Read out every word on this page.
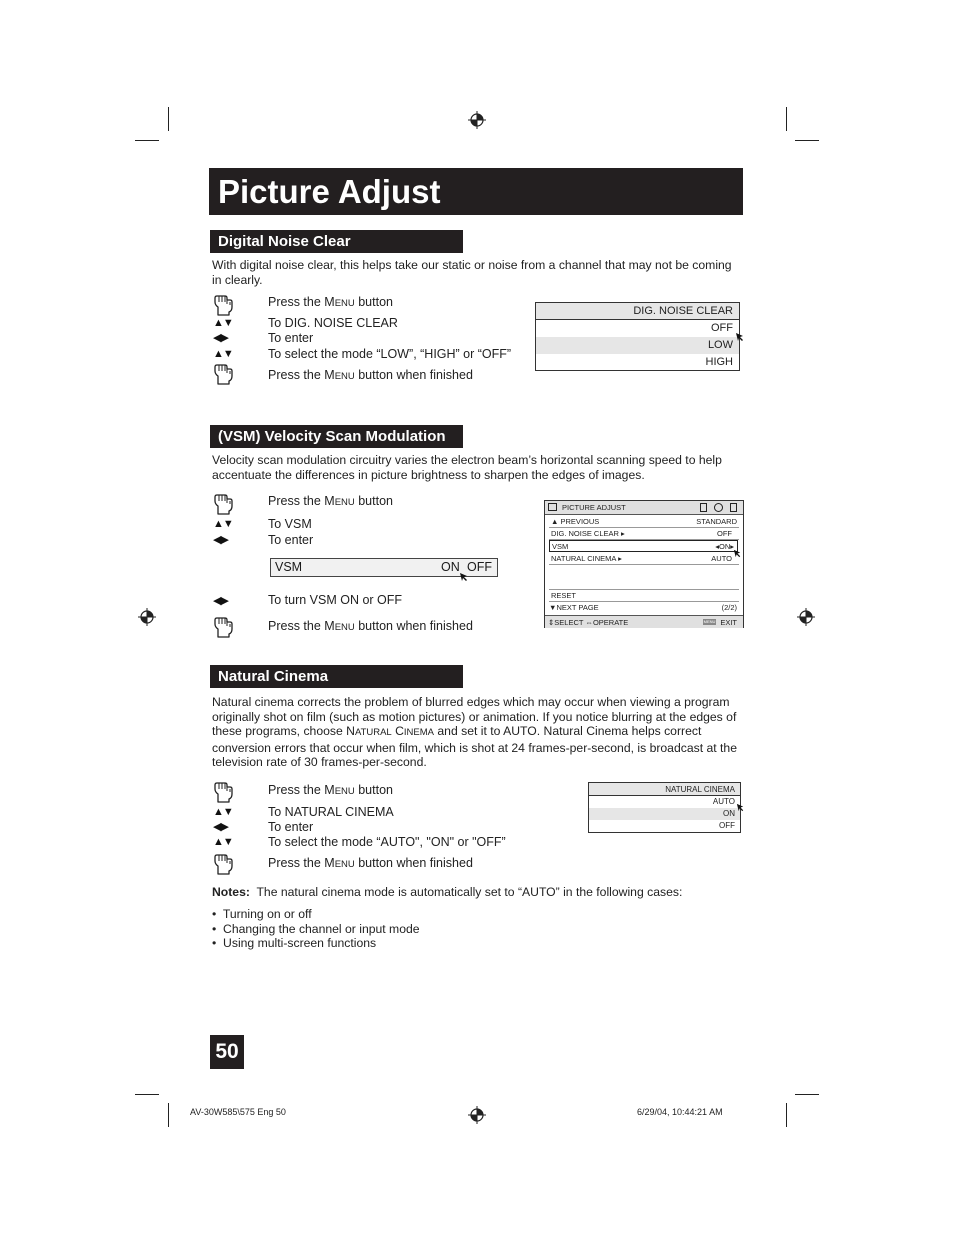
Picture Adjust
Digital Noise Clear
With digital noise clear, this helps take our static or noise from a channel that may not be coming in clearly.
Press the MENU button
▲▼	To DIG. NOISE CLEAR
◀▶	To enter
▲▼	To select the mode “LOW”, “HIGH” or “OFF”
Press the MENU button when finished
DIG. NOISE CLEAR
OFF
LOW
HIGH
(VSM) Velocity Scan Modulation
Velocity scan modulation circuitry varies the electron beam’s horizontal scanning speed to help accentuate the differences in picture brightness to sharpen the edges of images.
Press the MENU button
▲▼	To VSM
◀▶	To enter
VSM	ON OFF
◀▶	To turn VSM ON or OFF
Press the MENU button when finished
PICTURE ADJUST
▲ PREVIOUS	STANDARD
DIG. NOISE CLEAR ▸	OFF
VSM	◂ON▸
NATURAL CINEMA ▸	AUTO
RESET
▼NEXT PAGE	(2/2)
⇕SELECT ⇔OPERATE	MENU EXIT
Natural Cinema
Natural cinema corrects the problem of blurred edges which may occur when viewing a program originally shot on film (such as motion pictures) or animation. If you notice blurring at the edges of these programs, choose NATURAL CINEMA and set it to AUTO. Natural Cinema helps correct conversion errors that occur when film, which is shot at 24 frames-per-second, is broadcast at the television rate of 30 frames-per-second.
Press the MENU button
▲▼	To NATURAL CINEMA
◀▶	To enter
▲▼	To select the mode “AUTO", "ON" or "OFF”
Press the MENU button when finished
NATURAL CINEMA
AUTO
ON
OFF
Notes: The natural cinema mode is automatically set to “AUTO” in the following cases:
•  Turning on or off
•  Changing the channel or input mode
•  Using multi-screen functions
50
AV-30W585\575 Eng 50	6/29/04, 10:44:21 AM
